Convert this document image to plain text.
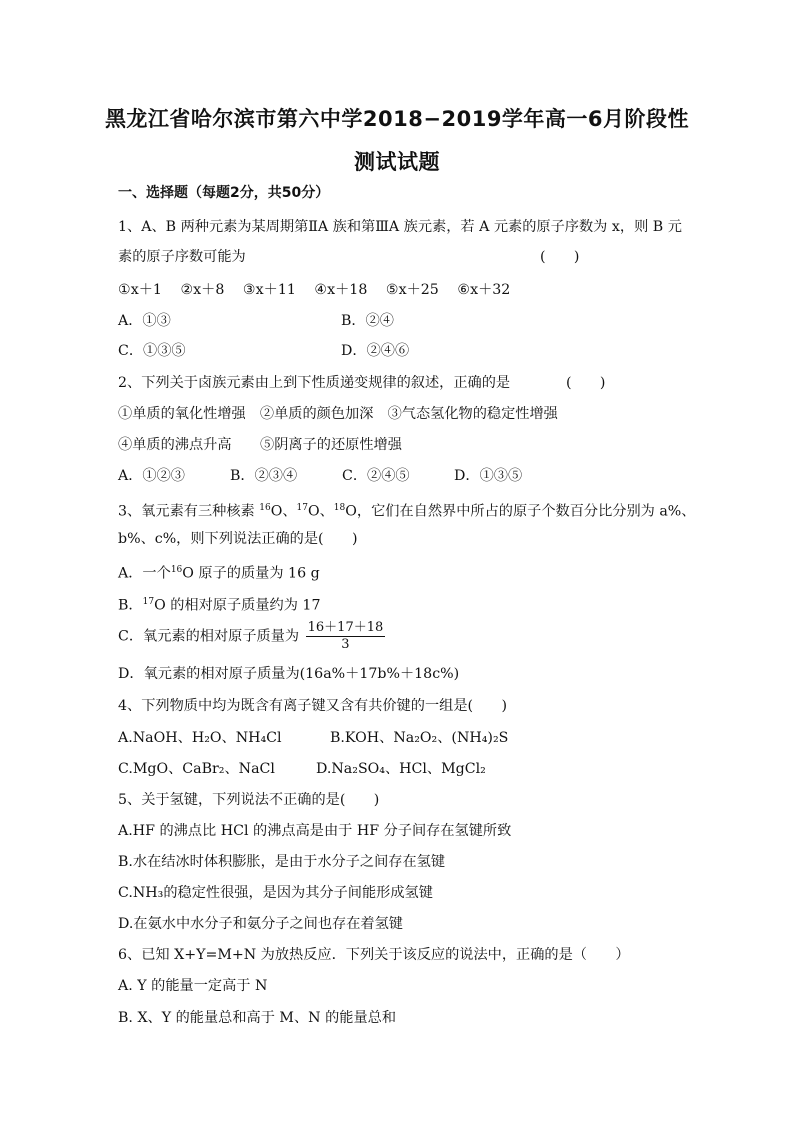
黑龙江省哈尔滨市第六中学2018−2019学年高一6月阶段性
测试试题
一、选择题（每题2分，共50分）
1、A、B 两种元素为某周期第ⅡA 族和第ⅢA 族元素，若 A 元素的原子序数为 x，则 B 元
素的原子序数可能为	(　　)
①x＋1 ②x＋8 ③x＋11 ④x＋18 ⑤x＋25 ⑥x＋32
A．①③	B．②④
C．①③⑤	D．②④⑥
2、下列关于卤族元素由上到下性质递变规律的叙述，正确的是	(　　)
①单质的氧化性增强　②单质的颜色加深　③气态氢化物的稳定性增强
④单质的沸点升高 ⑤阴离子的还原性增强
A．①②③	B．②③④	C．②④⑤	D．①③⑤
3、氧元素有三种核素 $^{16}$O、$^{17}$O、$^{18}$O，它们在自然界中所占的原子个数百分比分别为 a%、
b%、c%，则下列说法正确的是(　　)
A．一个$^{16}$O 原子的质量为 16 g
B．$^{17}$O 的相对原子质量约为 17
C．氧元素的相对原子质量为 $\frac{16+17+18}{3}$
D．氧元素的相对原子质量为(16a%＋17b%＋18c%)
4、下列物质中均为既含有离子键又含有共价键的一组是(　　)
A.NaOH、H₂O、NH₄Cl	B.KOH、Na₂O₂、(NH₄)₂S
C.MgO、CaBr₂、NaCl	D.Na₂SO₄、HCl、MgCl₂
5、关于氢键，下列说法不正确的是(　　)
A.HF 的沸点比 HCl 的沸点高是由于 HF 分子间存在氢键所致
B.水在结冰时体积膨胀，是由于水分子之间存在氢键
C.NH₃的稳定性很强，是因为其分子间能形成氢键
D.在氨水中水分子和氨分子之间也存在着氢键
6、已知 X+Y=M+N 为放热反应．下列关于该反应的说法中，正确的是（　　）
A. Y 的能量一定高于 N
B. X、Y 的能量总和高于 M、N 的能量总和
